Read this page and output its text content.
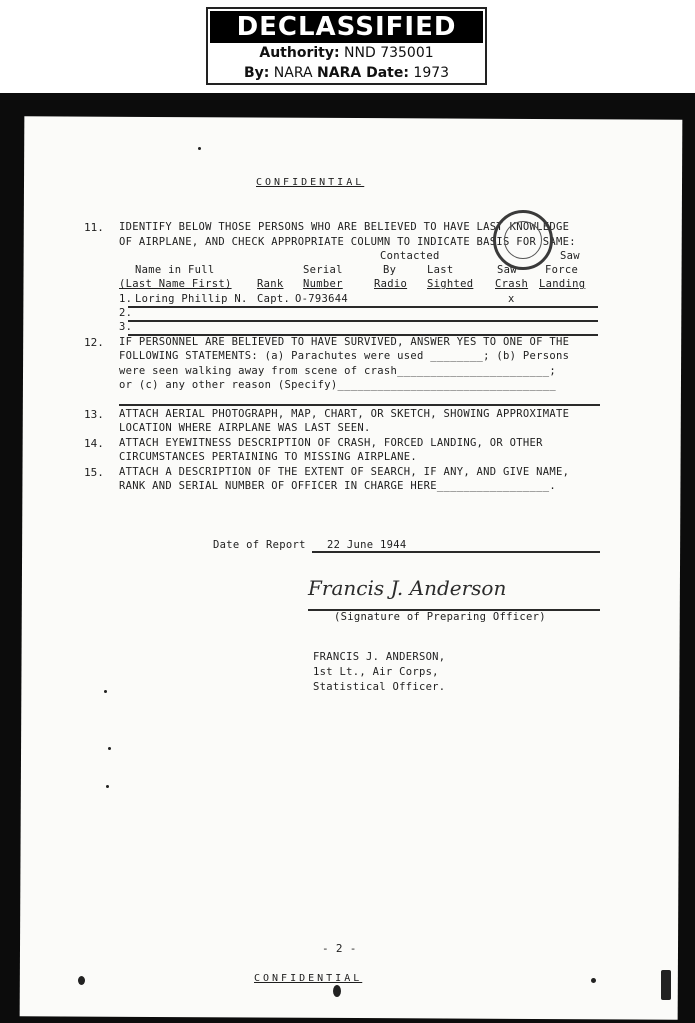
DECLASSIFIED
Authority: NND 735001
By: NARA NARA Date: 1973
CONFIDENTIAL
11. IDENTIFY BELOW THOSE PERSONS WHO ARE BELIEVED TO HAVE LAST KNOWLEDGE
OF AIRPLANE, AND CHECK APPROPRIATE COLUMN TO INDICATE BASIS FOR SAME:
Contacted
Name in Full
(Last Name First) Rank
Serial
Number
By
Radio
Last
Sighted
Saw
Crash
Saw
Force
Landing
1. Loring Phillip N. Capt. O-793644	x
2.
3.
12. IF PERSONNEL ARE BELIEVED TO HAVE SURVIVED, ANSWER YES TO ONE OF THE
FOLLOWING STATEMENTS: (a) Parachutes were used ________; (b) Persons
were seen walking away from scene of crash_______________________;
or (c) any other reason (Specify)_________________________________
13. ATTACH AERIAL PHOTOGRAPH, MAP, CHART, OR SKETCH, SHOWING APPROXIMATE
LOCATION WHERE AIRPLANE WAS LAST SEEN.
14. ATTACH EYEWITNESS DESCRIPTION OF CRASH, FORCED LANDING, OR OTHER
CIRCUMSTANCES PERTAINING TO MISSING AIRPLANE.
15. ATTACH A DESCRIPTION OF THE EXTENT OF SEARCH, IF ANY, AND GIVE NAME,
RANK AND SERIAL NUMBER OF OFFICER IN CHARGE HERE_________________.
Date of Report 22 June 1944
Francis J. Anderson
(Signature of Preparing Officer)
FRANCIS J. ANDERSON,
1st Lt., Air Corps,
Statistical Officer.
- 2 -
CONFIDENTIAL
